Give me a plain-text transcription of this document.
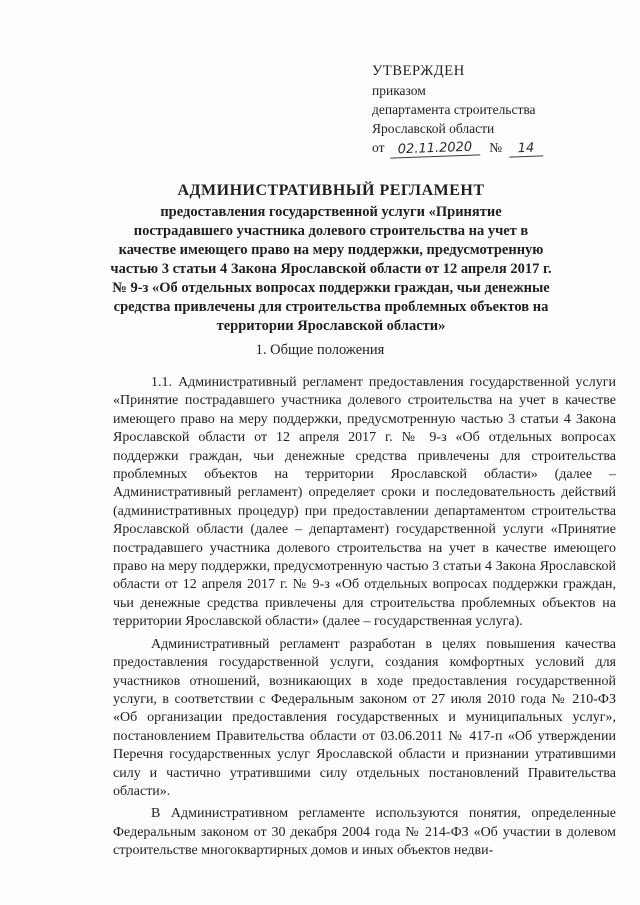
УТВЕРЖДЕН
приказом
департамента строительства
Ярославской области
от 02.11.2020 № 14
АДМИНИСТРАТИВНЫЙ РЕГЛАМЕНТ
предоставления государственной услуги «Принятие пострадавшего участника долевого строительства на учет в качестве имеющего право на меру поддержки, предусмотренную частью 3 статьи 4 Закона Ярославской области от 12 апреля 2017 г. № 9-з «Об отдельных вопросах поддержки граждан, чьи денежные средства привлечены для строительства проблемных объектов на территории Ярославской области»
1. Общие положения

1.1. Административный регламент предоставления государственной услуги «Принятие пострадавшего участника долевого строительства на учет в качестве имеющего право на меру поддержки, предусмотренную частью 3 статьи 4 Закона Ярославской области от 12 апреля 2017 г. № 9-з «Об отдельных вопросах поддержки граждан, чьи денежные средства привлечены для строительства проблемных объектов на территории Ярославской области» (далее – Административный регламент) определяет сроки и последовательность действий (административных процедур) при предоставлении департаментом строительства Ярославской области (далее – департамент) государственной услуги «Принятие пострадавшего участника долевого строительства на учет в качестве имеющего право на меру поддержки, предусмотренную частью 3 статьи 4 Закона Ярославской области от 12 апреля 2017 г. № 9-з «Об отдельных вопросах поддержки граждан, чьи денежные средства привлечены для строительства проблемных объектов на территории Ярославской области» (далее – государственная услуга).

Административный регламент разработан в целях повышения качества предоставления государственной услуги, создания комфортных условий для участников отношений, возникающих в ходе предоставления государственной услуги, в соответствии с Федеральным законом от 27 июля 2010 года № 210-ФЗ «Об организации предоставления государственных и муниципальных услуг», постановлением Правительства области от 03.06.2011 № 417-п «Об утверждении Перечня государственных услуг Ярославской области и признании утратившими силу и частично утратившими силу отдельных постановлений Правительства области».

В Административном регламенте используются понятия, определенные Федеральным законом от 30 декабря 2004 года № 214-ФЗ «Об участии в долевом строительстве многоквартирных домов и иных объектов недви-
